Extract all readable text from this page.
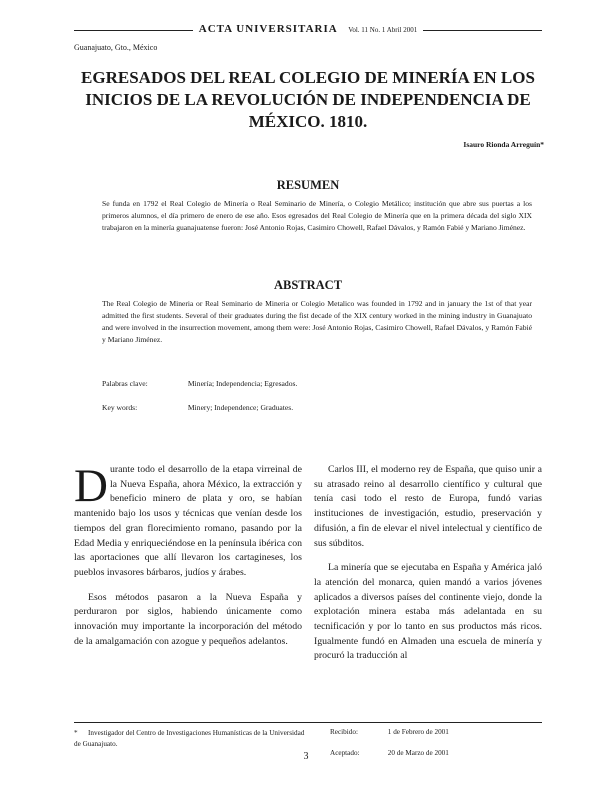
ACTA UNIVERSITARIA Vol. 11 No. 1 Abril 2001
Guanajuato, Gto., México
EGRESADOS DEL REAL COLEGIO DE MINERÍA EN LOS INICIOS DE LA REVOLUCIÓN DE INDEPENDENCIA DE MÉXICO. 1810.
Isauro Rionda Arreguín*
RESUMEN

Se funda en 1792 el Real Colegio de Minería o Real Seminario de Minería, o Colegio Metálico; institución que abre sus puertas a los primeros alumnos, el día primero de enero de ese año. Esos egresados del Real Colegio de Minería que en la primera década del siglo XIX trabajaron en la minería guanajuatense fueron: José Antonio Rojas, Casimiro Chowell, Rafael Dávalos, y Ramón Fabié y Mariano Jiménez.

ABSTRACT

The Real Colegio de Mineria or Real Seminario de Mineria or Colegio Metalico was founded in 1792 and in january the 1st of that year admitted the first students. Several of their graduates during the fist decade of the XIX century worked in the mining industry in Guanajuato and were involved in the insurrection movement, among them were: José Antonio Rojas, Casimiro Chowell, Rafael Dávalos, y Ramón Fabié y Mariano Jiménez.

Palabras clave:	Minería; Independencia; Egresados.
Key words:	Minery; Independence; Graduates.

Durante todo el desarrollo de la etapa virreinal de la Nueva España, ahora México, la extracción y beneficio minero de plata y oro, se habían mantenido bajo los usos y técnicas que venían desde los tiempos del gran florecimiento romano, pasando por la Edad Media y enriqueciéndose en la península ibérica con las aportaciones que allí llevaron los cartagineses, los pueblos invasores bárbaros, judíos y árabes.

Esos métodos pasaron a la Nueva España y perduraron por siglos, habiendo únicamente como innovación muy importante la incorporación del método de la amalgamación con azogue y pequeños adelantos.

Carlos III, el moderno rey de España, que quiso unir a su atrasado reino al desarrollo científico y cultural que tenía casi todo el resto de Europa, fundó varias instituciones de investigación, estudio, preservación y difusión, a fin de elevar el nivel intelectual y científico de sus súbditos.

La minería que se ejecutaba en España y América jaló la atención del monarca, quien mandó a varios jóvenes aplicados a diversos países del continente viejo, donde la explotación minera estaba más adelantada en su tecnificación y por lo tanto en sus productos más ricos. Igualmente fundó en Almaden una escuela de minería y procuró la traducción al

* Investigador del Centro de Investigaciones Humanísticas de la Universidad de Guanajuato.
Recibido:	1 de Febrero de 2001
Aceptado:	20 de Marzo de 2001
3
